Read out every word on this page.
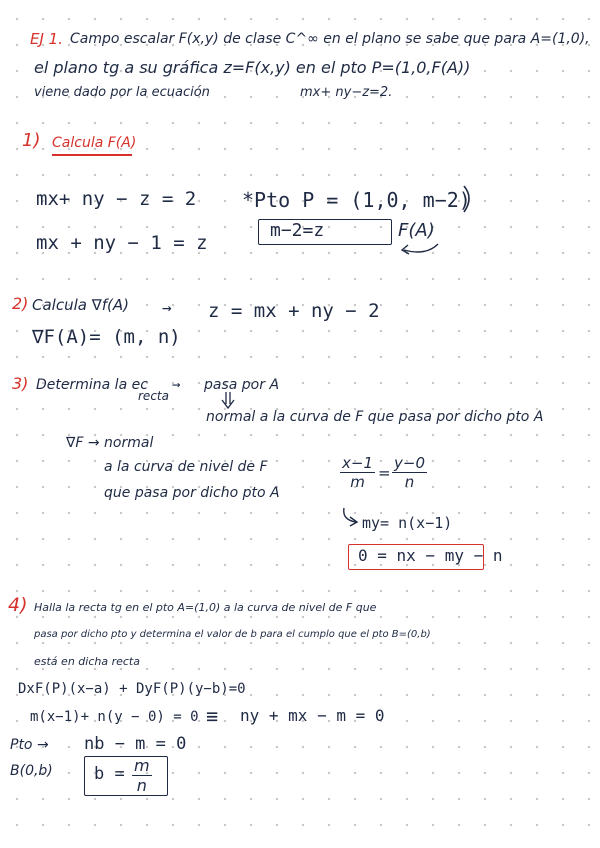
EJ 1. Campo escalar F(x,y) de clase C^∞ en el plano se sabe que para A=(1,0),
el plano tg a su gráfica z=F(x,y) en el pto P=(1,0,F(A))
viene dado por la ecuación	mx+ ny−z=2.
1) Calcula F(A)
mx+ ny − z = 2
mx + ny − 1 = z
*Pto P = (1,0, m−2)
m−2=z	F(A)
2) Calcula ∇f(A) → z = mx + ny − 2
∇F(A)= (m, n)
3) Determina la ec
recta
→ pasa por A
normal a la curva de F que pasa por dicho pto A
∇F → normal
a la curva de nivel de F
que pasa por dicho pto A
$\frac{x-1}{m} = \frac{y-0}{n}$
my= n(x−1)
0 = nx − my − n
4) Halla la recta tg en el pto A=(1,0) a la curva de nivel de F que
pasa por dicho pto y determina el valor de b para el cumplo que el pto B=(0,b)
está en dicha recta
DxF(P)(x−a) + DyF(P)(y−b)=0
m(x−1)+ n(y − 0) = 0 ≡ ny + mx − m = 0
Pto → nb − m = 0
B(0,b) $b = \frac{m}{n}$
